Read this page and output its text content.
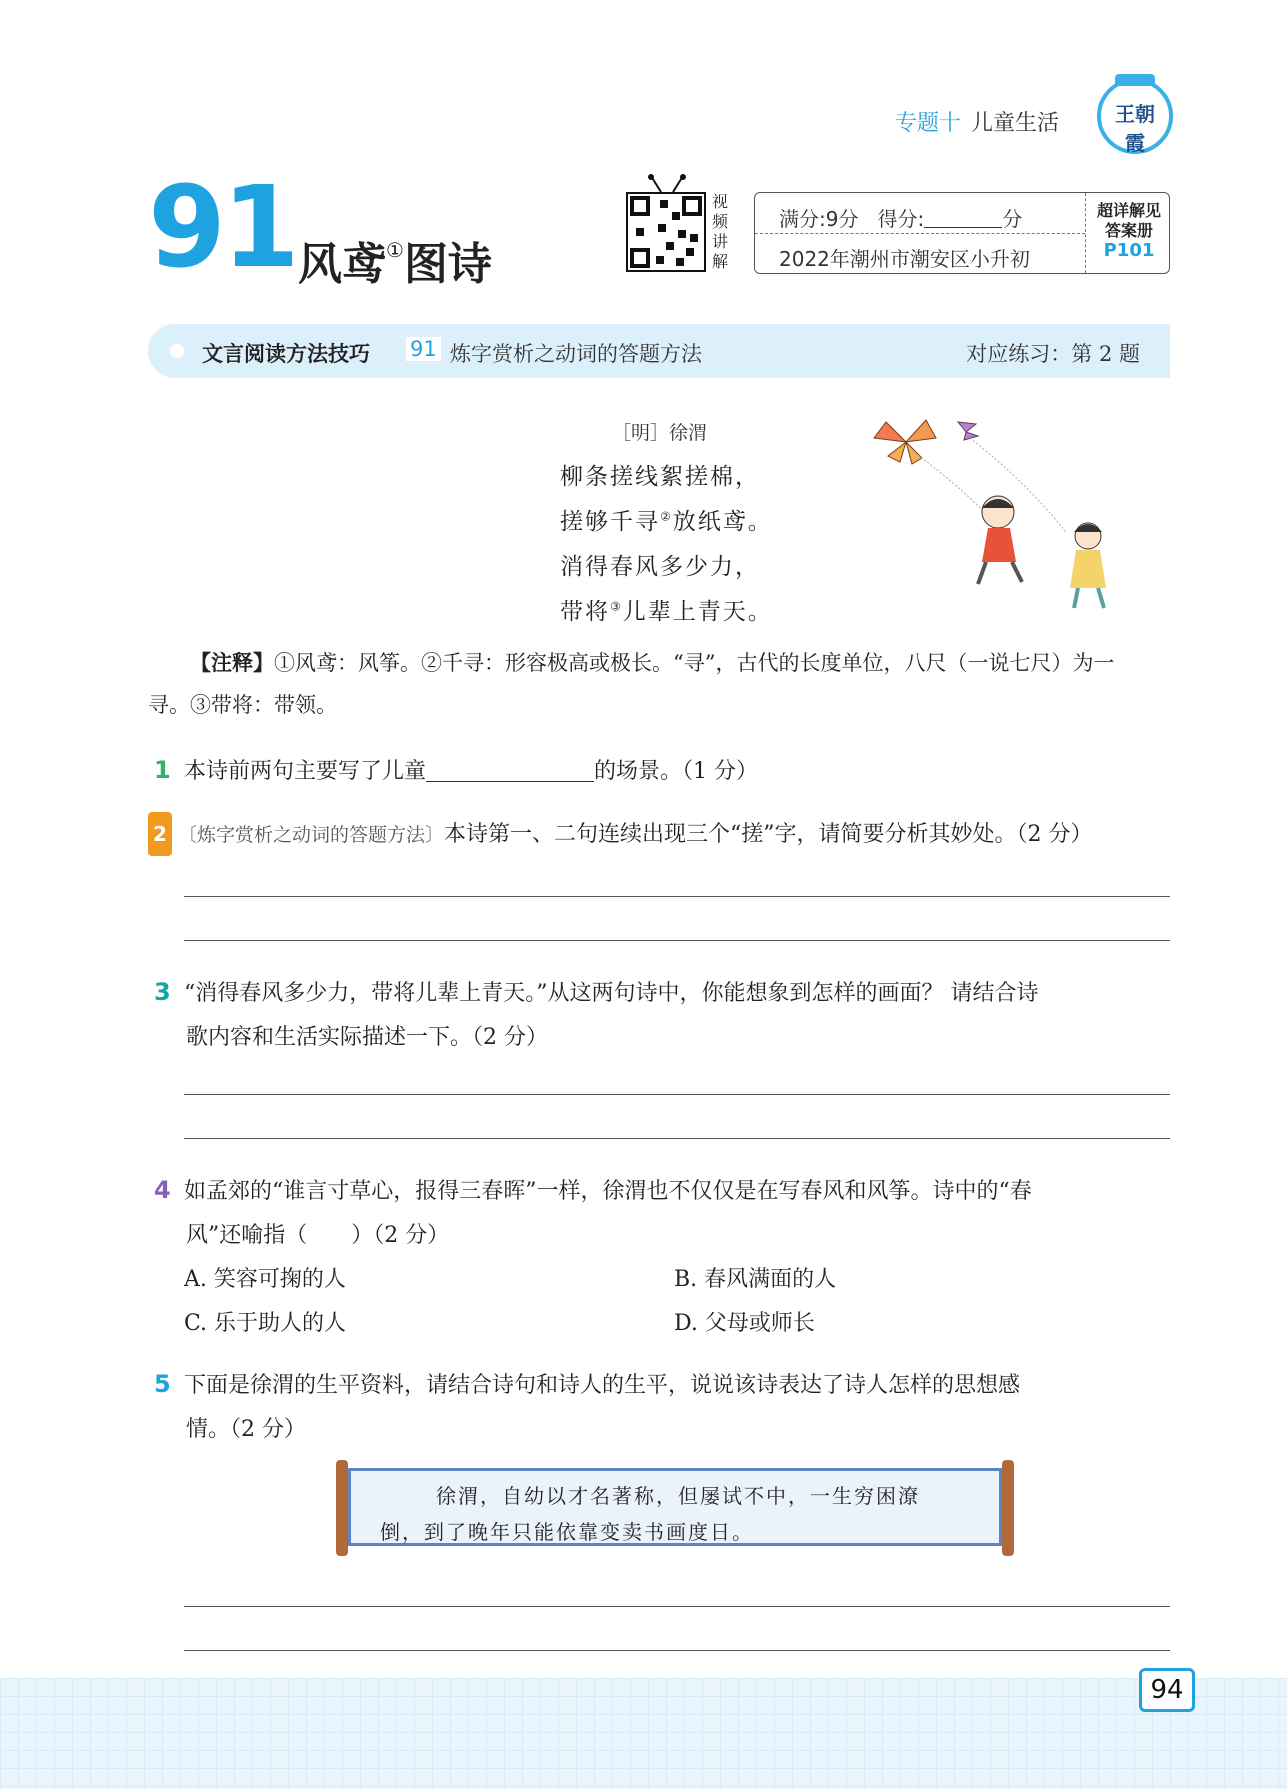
专题十 儿童生活	王朝霞
91 风鸢①图诗
视
频
讲
解
满分:9分 得分:	分
2022年潮州市潮安区小升初
超详解见
答案册
P101
文言阅读方法技巧 91 炼字赏析之动词的答题方法	对应练习：第 2 题
［明］徐渭
柳条搓线絮搓棉，
搓够千寻②放纸鸢。
消得春风多少力，
带将③儿辈上青天。
【注释】①风鸢：风筝。②千寻：形容极高或极长。“寻”，古代的长度单位，八尺（一说七尺）为一
寻。③带将：带领。
1 本诗前两句主要写了儿童	的场景。（1 分）
2 〔炼字赏析之动词的答题方法〕本诗第一、二句连续出现三个“搓”字，请简要分析其妙处。（2 分）
3 “消得春风多少力，带将儿辈上青天。”从这两句诗中，你能想象到怎样的画面？ 请结合诗
歌内容和生活实际描述一下。（2 分）
4 如孟郊的“谁言寸草心，报得三春晖”一样，徐渭也不仅仅是在写春风和风筝。诗中的“春
风”还喻指（　　）（2 分）
A. 笑容可掬的人	B. 春风满面的人
C. 乐于助人的人	D. 父母或师长
5 下面是徐渭的生平资料，请结合诗句和诗人的生平，说说该诗表达了诗人怎样的思想感
情。（2 分）
徐渭，自幼以才名著称，但屡试不中，一生穷困潦
倒，到了晚年只能依靠变卖书画度日。
94
